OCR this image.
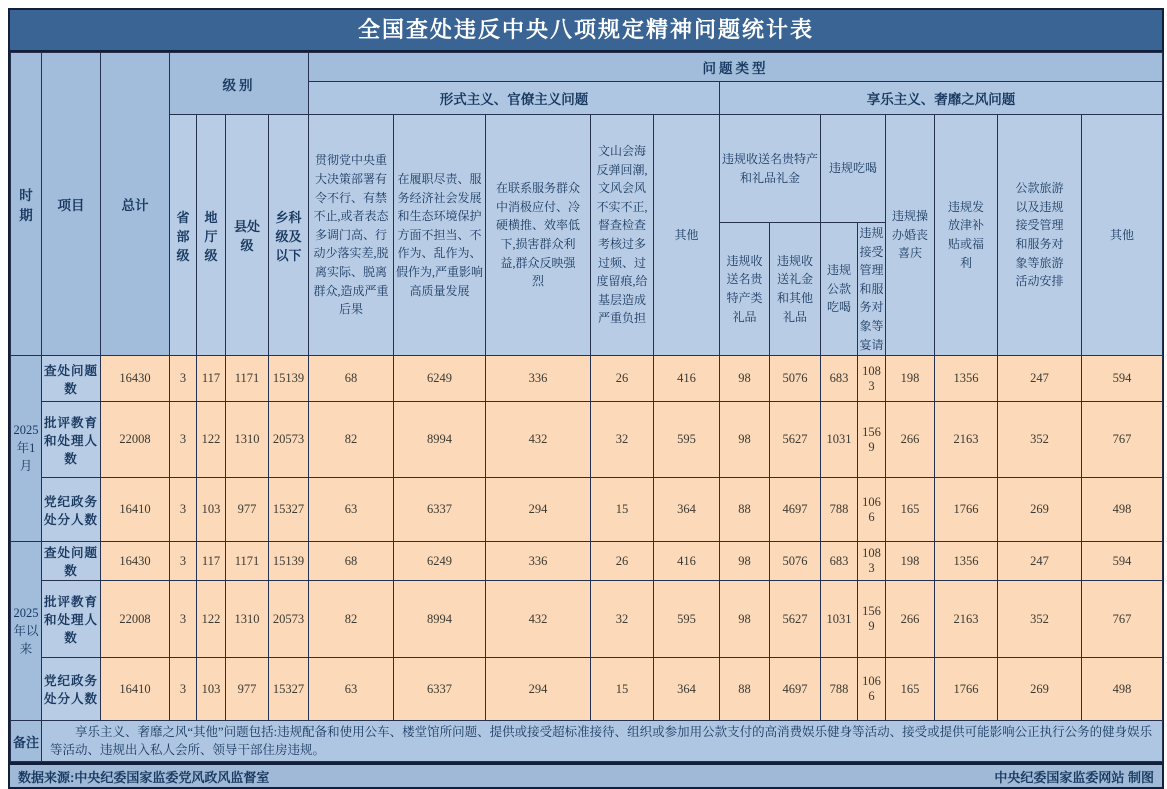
全国查处违反中央八项规定精神问题统计表
时期	项目	总计	级别				问题类型												
							形式主义、官僚主义问题					享乐主义、奢靡之风问题							
			省部级	地厅级	县处级	乡科级及以下	贯彻党中央重大决策部署有令不行、有禁不止,或者表态多调门高、行动少落实差,脱离实际、脱离群众,造成严重后果	在履职尽责、服务经济社会发展和生态环境保护方面不担当、不作为、乱作为、假作为,严重影响高质量发展	在联系服务群众中消极应付、冷硬横推、效率低下,损害群众利益,群众反映强烈	文山会海反弹回潮,文风会风不实不正,督查检查考核过多过频、过度留痕,给基层造成严重负担	其他	违规收送名贵特产和礼品礼金		违规吃喝		违规操办婚丧喜庆	违规发放津补贴或福利	公款旅游以及违规接受管理和服务对象等旅游活动安排	其他
												违规收送名贵特产类礼品	违规收送礼金和其他礼品	违规公款吃喝	违规接受管理和服务对象等宴请				
2025年1月	查处问题数	16430	3	117	1171	15139	68	6249	336	26	416	98	5076	683	1083	198	1356	247	594
	批评教育和处理人数	22008	3	122	1310	20573	82	8994	432	32	595	98	5627	1031	1569	266	2163	352	767
	党纪政务处分人数	16410	3	103	977	15327	63	6337	294	15	364	88	4697	788	1066	165	1766	269	498
2025年以来	查处问题数	16430	3	117	1171	15139	68	6249	336	26	416	98	5076	683	1083	198	1356	247	594
	批评教育和处理人数	22008	3	122	1310	20573	82	8994	432	32	595	98	5627	1031	1569	266	2163	352	767
	党纪政务处分人数	16410	3	103	977	15327	63	6337	294	15	364	88	4697	788	1066	165	1766	269	498
备注	享乐主义、奢靡之风“其他”问题包括:违规配备和使用公车、楼堂馆所问题、提供或接受超标准接待、组织或参加用公款支付的高消费娱乐健身等活动、接受或提供可能影响公正执行公务的健身娱乐等活动、违规出入私人会所、领导干部住房违规。																		
数据来源:中央纪委国家监委党风政风监督室	中央纪委国家监委网站 制图
